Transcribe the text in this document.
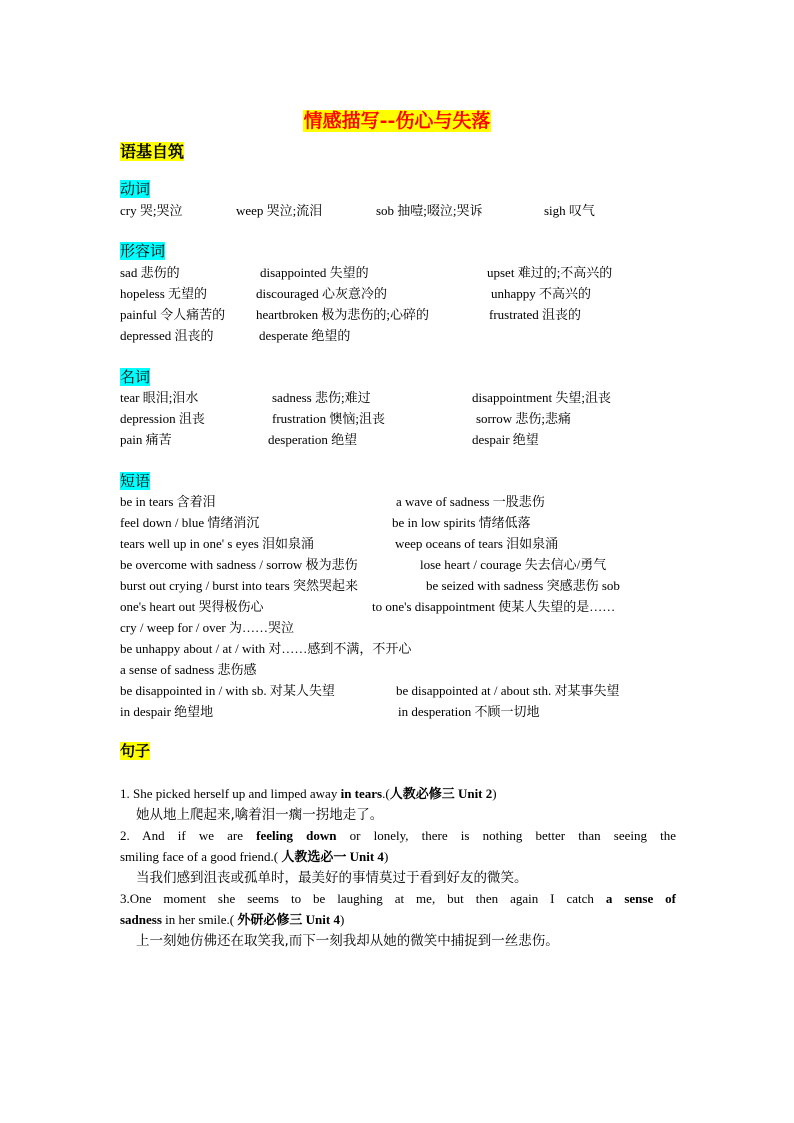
情感描写--伤心与失落
语基自筑
动词
cry 哭;哭泣	weep 哭泣;流泪	sob 抽噎;啜泣;哭诉	sigh 叹气
形容词
sad 悲伤的	disappointed 失望的	upset 难过的;不高兴的
hopeless 无望的	discouraged 心灰意冷的	unhappy 不高兴的
painful 令人痛苦的 heartbroken 极为悲伤的;心碎的	frustrated 沮丧的
depressed 沮丧的	desperate 绝望的
名词
tear 眼泪;泪水	sadness 悲伤;难过	disappointment 失望;沮丧
depression 沮丧	frustration 懊恼;沮丧	sorrow 悲伤;悲痛
pain 痛苦	desperation 绝望	despair 绝望
短语
be in tears 含着泪	a wave of sadness 一股悲伤
feel down / blue 情绪消沉	be in low spirits 情绪低落
tears well up in one' s eyes 泪如泉涌	weep oceans of tears 泪如泉涌
be overcome with sadness / sorrow 极为悲伤	lose heart / courage 失去信心/勇气
burst out crying / burst into tears 突然哭起来	be seized with sadness 突感悲伤 sob
one's heart out 哭得极伤心	to one's disappointment 使某人失望的是……
cry / weep for / over 为……哭泣
be unhappy about / at / with 对……感到不满，不开心
a sense of sadness 悲伤感
be disappointed in / with sb. 对某人失望	be disappointed at / about sth. 对某事失望
in despair 绝望地	in desperation 不顾一切地
句子
1. She picked herself up and limped away in tears.(人教必修三 Unit 2)
她从地上爬起来,噙着泪一瘸一拐地走了。
2. And if we are feeling down or lonely, there is nothing better than seeing the
smiling face of a good friend.( 人教选必一 Unit 4)
当我们感到沮丧或孤单时，最美好的事情莫过于看到好友的微笑。
3.One moment she seems to be laughing at me, but then again I catch a sense of
sadness in her smile.( 外研必修三 Unit 4)
上一刻她仿佛还在取笑我,而下一刻我却从她的微笑中捕捉到一丝悲伤。
